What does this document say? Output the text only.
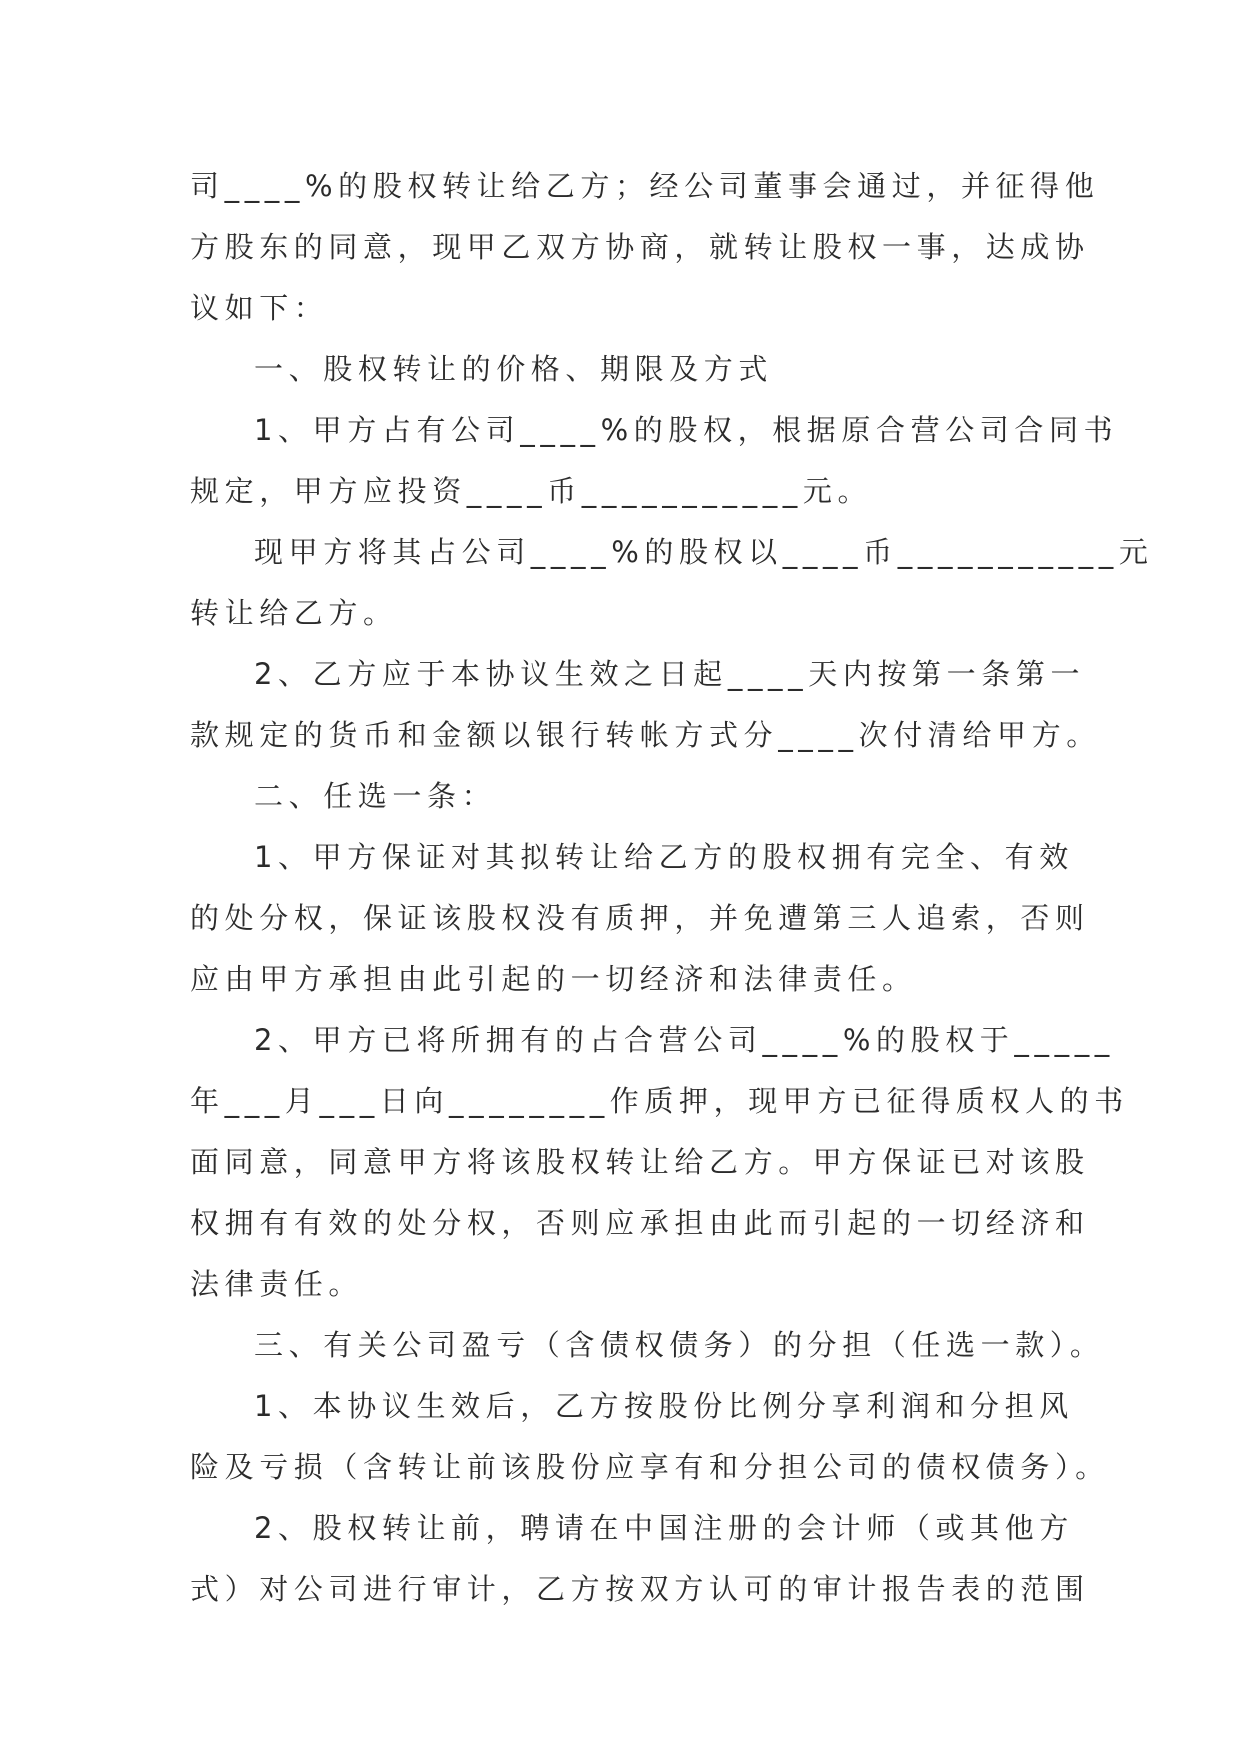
司____%的股权转让给乙方；经公司董事会通过，并征得他
方股东的同意，现甲乙双方协商，就转让股权一事，达成协
议如下：
一、股权转让的价格、期限及方式
1、甲方占有公司____%的股权，根据原合营公司合同书
规定，甲方应投资____币___________元。
现甲方将其占公司____%的股权以____币___________元
转让给乙方。
2、乙方应于本协议生效之日起____天内按第一条第一
款规定的货币和金额以银行转帐方式分____次付清给甲方。
二、任选一条：
1、甲方保证对其拟转让给乙方的股权拥有完全、有效
的处分权，保证该股权没有质押，并免遭第三人追索，否则
应由甲方承担由此引起的一切经济和法律责任。
2、甲方已将所拥有的占合营公司____%的股权于_____
年___月___日向________作质押，现甲方已征得质权人的书
面同意，同意甲方将该股权转让给乙方。甲方保证已对该股
权拥有有效的处分权，否则应承担由此而引起的一切经济和
法律责任。
三、有关公司盈亏（含债权债务）的分担（任选一款）。
1、本协议生效后，乙方按股份比例分享利润和分担风
险及亏损（含转让前该股份应享有和分担公司的债权债务）。
2、股权转让前，聘请在中国注册的会计师（或其他方
式）对公司进行审计，乙方按双方认可的审计报告表的范围
